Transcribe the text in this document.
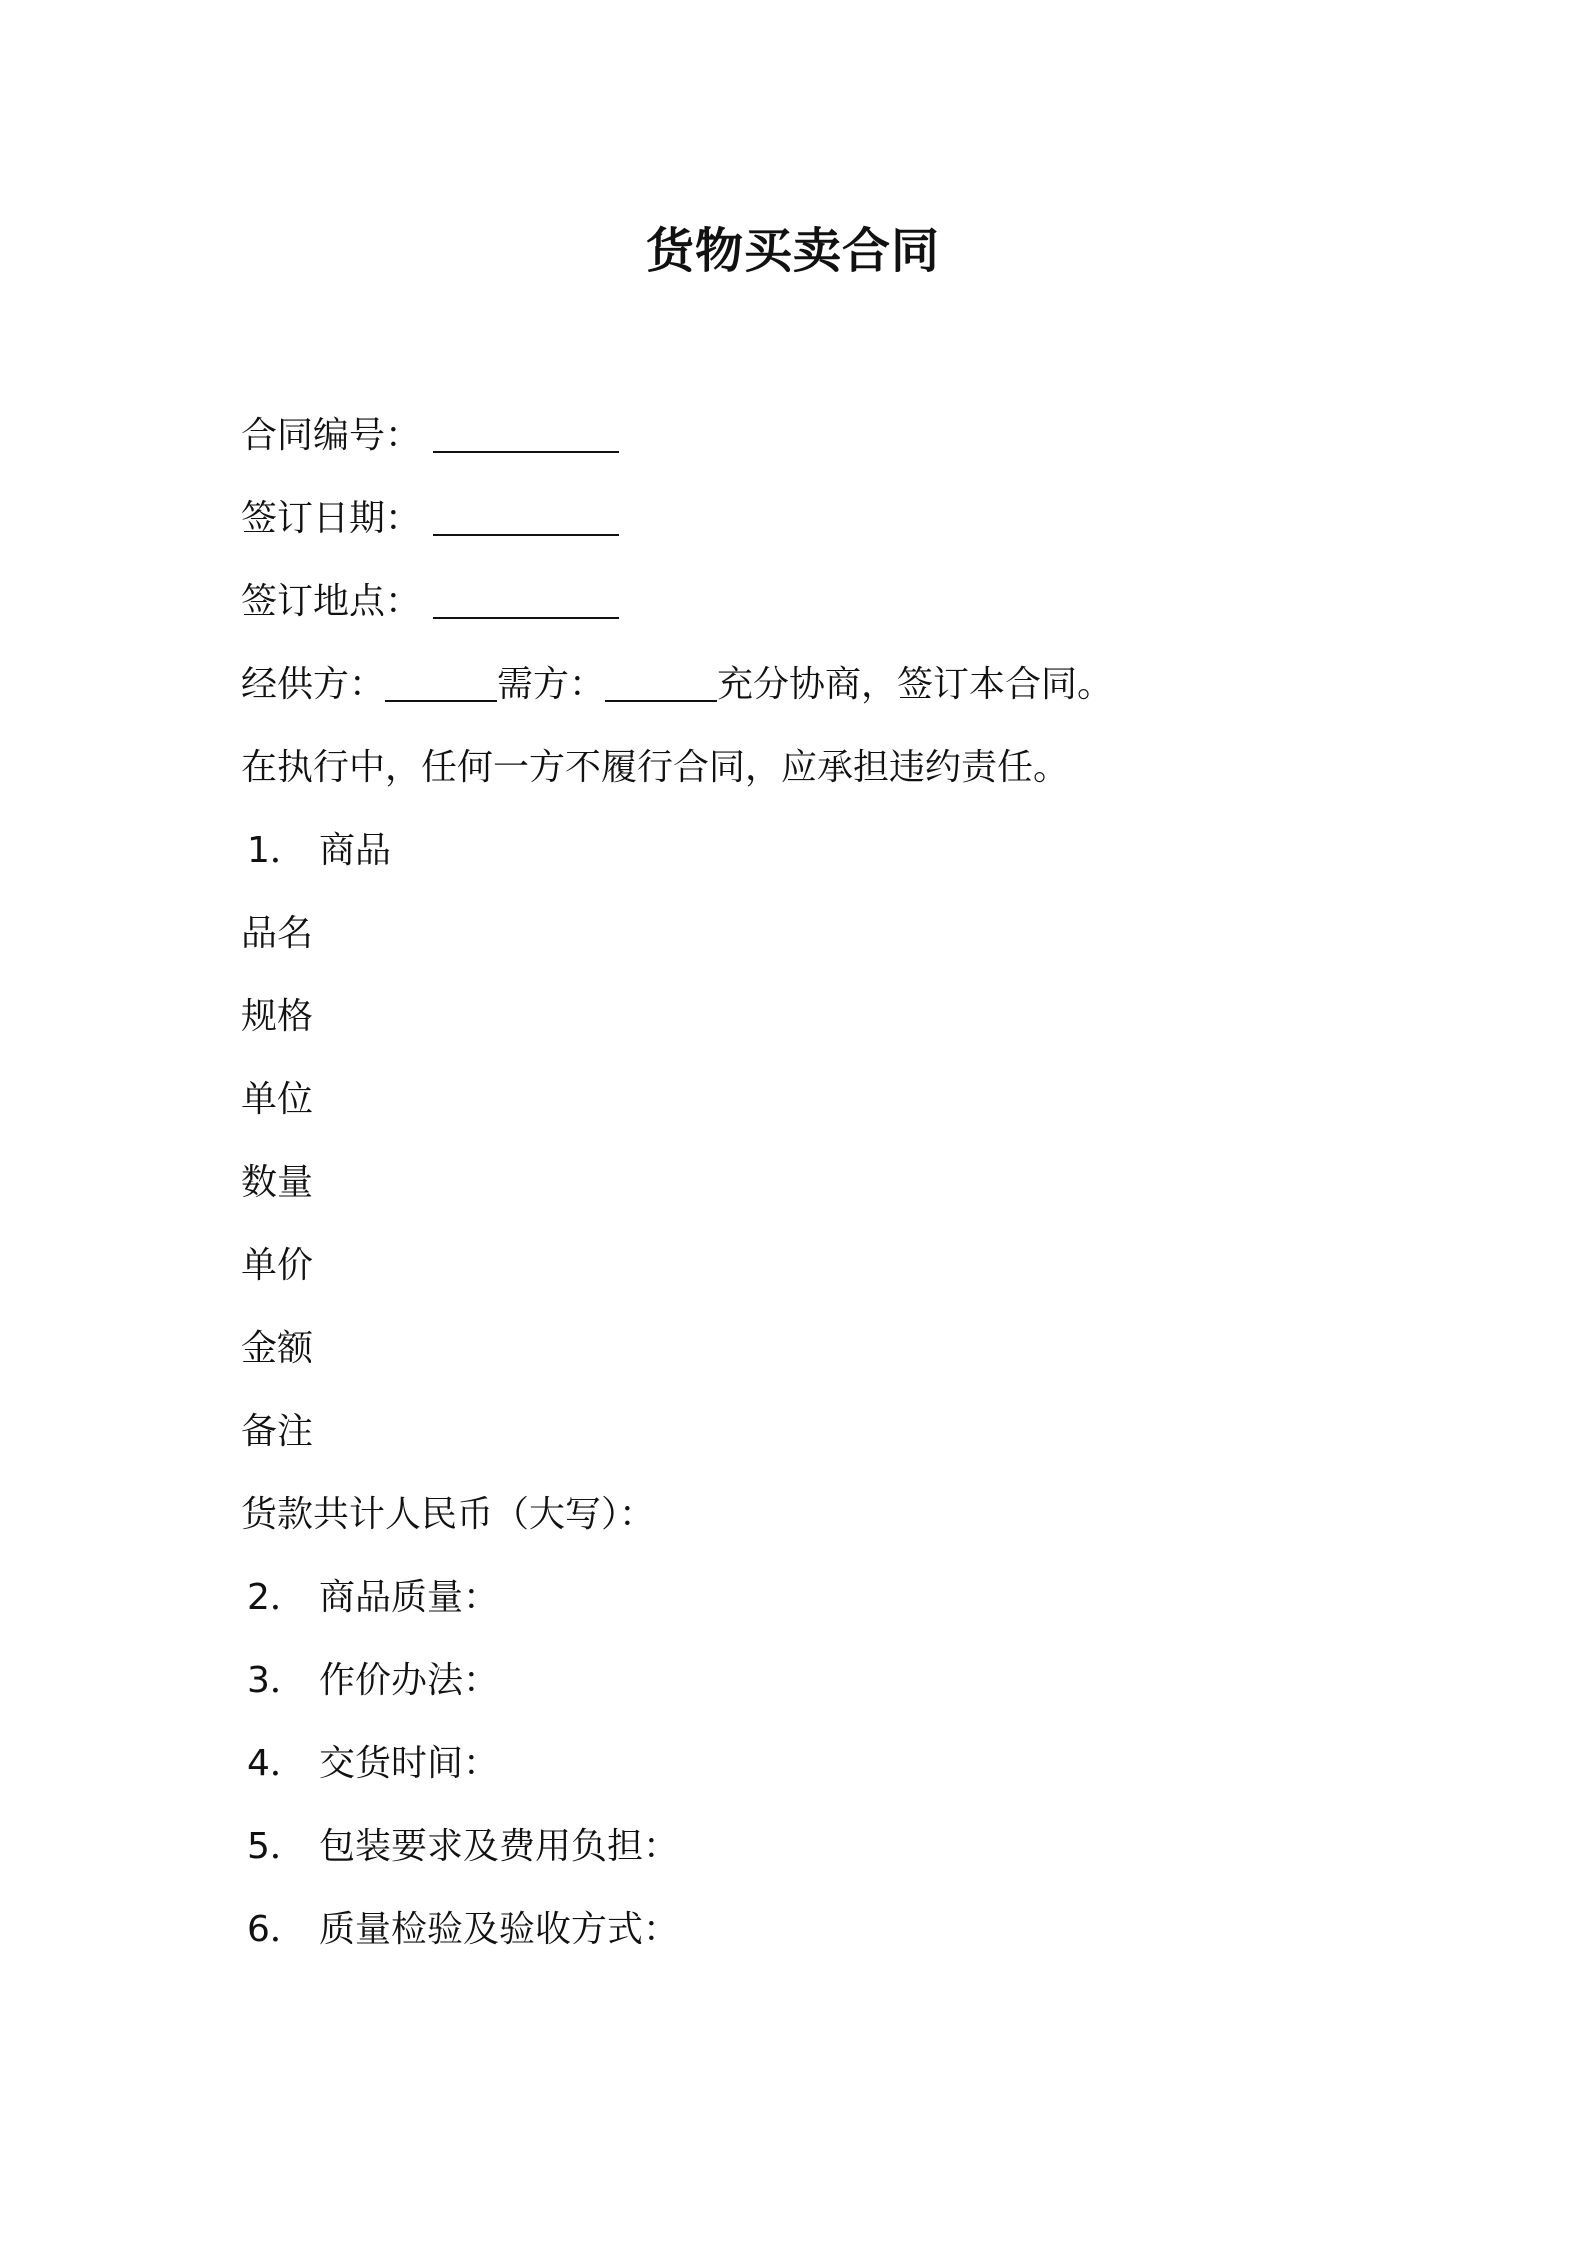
货物买卖合同
合同编号：
签订日期：
签订地点：
经供方：	需方：	充分协商，签订本合同。
在执行中，任何一方不履行合同，应承担违约责任。
1． 商品
品名
规格
单位
数量
单价
金额
备注
货款共计人民币（大写）：
2． 商品质量：
3． 作价办法：
4． 交货时间：
5． 包装要求及费用负担：
6． 质量检验及验收方式：
